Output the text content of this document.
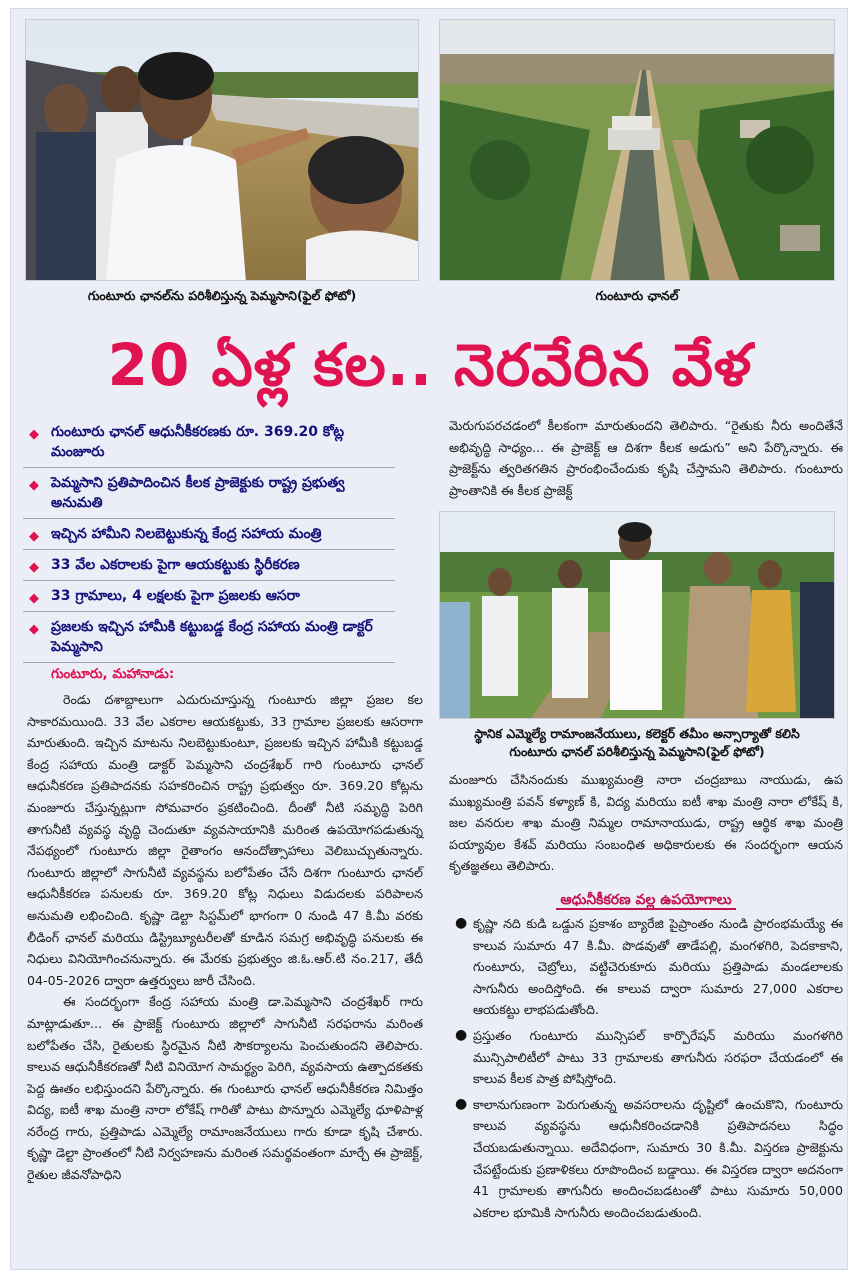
గుంటూరు ఛానల్‌ను పరిశీలిస్తున్న పెమ్మసాని(ఫైల్ ఫోటో)	గుంటూరు ఛానల్
20 ఏళ్ల కల.. నెరవేరిన వేళ
◆ గుంటూరు ఛానల్ ఆధునీకీకరణకు రూ. 369.20 కోట్ల మంజూరు
◆ పెమ్మసాని ప్రతిపాదించిన కీలక ప్రాజెక్టుకు రాష్ట్ర ప్రభుత్వ అనుమతి
◆ ఇచ్చిన హామీని నిలబెట్టుకున్న కేంద్ర సహాయ మంత్రి
◆ 33 వేల ఎకరాలకు పైగా ఆయకట్టుకు స్థిరీకరణ
◆ 33 గ్రామాలు, 4 లక్షలకు పైగా ప్రజలకు ఆసరా
◆ ప్రజలకు ఇచ్చిన హామీకి కట్టుబడ్డ కేంద్ర సహాయ మంత్రి డాక్టర్ పెమ్మసాని
గుంటూరు, మహానాడు:

రెండు దశాబ్దాలుగా ఎదురుచూస్తున్న గుంటూరు జిల్లా ప్రజల కల సాకారమయింది. 33 వేల ఎకరాల ఆయకట్టుకు, 33 గ్రామాల ప్రజలకు ఆసరాగా మారుతుంది. ఇచ్చిన మాటను నిలబెట్టుకుంటూ, ప్రజలకు ఇచ్చిన హామీకి కట్టుబడ్డ కేంద్ర సహాయ మంత్రి డాక్టర్ పెమ్మసాని చంద్రశేఖర్ గారి గుంటూరు ఛానల్ ఆధునీకరణ ప్రతిపాదనకు సహకరించిన రాష్ట్ర ప్రభుత్వం రూ. 369.20 కోట్లను మంజూరు చేస్తున్నట్లుగా సోమవారం ప్రకటించింది. దీంతో నీటి సమృద్ధి పెరిగి తాగునీటి వ్యవస్థ వృద్ధి చెందుతూ వ్యవసాయానికి మరింత ఉపయోగపడుతున్న నేపథ్యంలో గుంటూరు జిల్లా రైతాంగం ఆనందోత్సాహాలు వెలిబుచ్చుతున్నారు. గుంటూరు జిల్లాలో సాగునీటి వ్యవస్థను బలోపేతం చేసే దిశగా గుంటూరు ఛానల్ ఆధునీకీకరణ పనులకు రూ. 369.20 కోట్ల నిధులు విడుదలకు పరిపాలన అనుమతి లభించింది. కృష్ణా డెల్టా సిస్టమ్‌లో భాగంగా 0 నుండి 47 కి.మీ వరకు లీడింగ్ ఛానల్ మరియు డిస్ట్రిబ్యూటరీలతో కూడిన సమగ్ర అభివృద్ధి పనులకు ఈ నిధులు వినియోగించనున్నారు. ఈ మేరకు ప్రభుత్వం జి.ఓ.ఆర్.టి నం.217, తేదీ 04-05-2026 ద్వారా ఉత్తర్వులు జారీ చేసింది.

ఈ సందర్భంగా కేంద్ర సహాయ మంత్రి డా.పెమ్మసాని చంద్రశేఖర్ గారు మాట్లాడుతూ... ఈ ప్రాజెక్ట్ గుంటూరు జిల్లాలో సాగునీటి సరఫరాను మరింత బలోపేతం చేసి, రైతులకు స్థిరమైన నీటి సౌకర్యాలను పెంచుతుందని తెలిపారు. కాలువ ఆధునీకీకరణతో నీటి వినియోగ సామర్థ్యం పెరిగి, వ్యవసాయ ఉత్పాదకతకు పెద్ద ఊతం లభిస్తుందని పేర్కొన్నారు. ఈ గుంటూరు ఛానల్ ఆధునీకీకరణ నిమిత్తం విద్య, ఐటీ శాఖ మంత్రి నారా లోకేష్ గారితో పాటు పొన్నూరు ఎమ్మెల్యే ధూళిపాళ్ల నరేంద్ర గారు, ప్రత్తిపాడు ఎమ్మెల్యే రామాంజనేయులు గారు కూడా కృషి చేశారు. కృష్ణా డెల్టా ప్రాంతంలో నీటి నిర్వహణను మరింత సమర్థవంతంగా మార్చే ఈ ప్రాజెక్ట్, రైతుల జీవనోపాధిని

మెరుగుపరచడంలో కీలకంగా మారుతుందని తెలిపారు. “రైతుకు నీరు అందితేనే అభివృద్ధి సాధ్యం... ఈ ప్రాజెక్ట్ ఆ దిశగా కీలక అడుగు” అని పేర్కొన్నారు. ఈ ప్రాజెక్ట్‌ను త్వరితగతిన ప్రారంభించేందుకు కృషి చేస్తామని తెలిపారు. గుంటూరు ప్రాంతానికి ఈ కీలక ప్రాజెక్ట్

స్థానిక ఎమ్మెల్యే రామాంజనేయులు, కలెక్టర్ తమీం అన్సార్యాతో కలిసి
గుంటూరు ఛానల్ పరిశీలిస్తున్న పెమ్మసాని(ఫైల్ ఫోటో)

మంజూరు చేసినందుకు ముఖ్యమంత్రి నారా చంద్రబాబు నాయుడు, ఉప ముఖ్యమంత్రి పవన్ కళ్యాణ్ కి, విద్య మరియు ఐటీ శాఖ మంత్రి నారా లోకేష్ కి, జల వనరుల శాఖ మంత్రి నిమ్మల రామానాయుడు, రాష్ట్ర ఆర్థిక శాఖ మంత్రి పయ్యావుల కేశవ్ మరియు సంబంధిత అధికారులకు ఈ సందర్భంగా ఆయన కృతజ్ఞతలు తెలిపారు.

ఆధునీకీకరణ వల్ల ఉపయోగాలు
● కృష్ణా నది కుడి ఒడ్డున ప్రకాశం బ్యారేజి పైప్రాంతం నుండి ప్రారంభమయ్యే ఈ కాలువ సుమారు 47 కి.మీ. పొడవుతో తాడేపల్లి, మంగళగిరి, పెదకాకాని, గుంటూరు, చెబ్రోలు, వట్టిచెరుకూరు మరియు ప్రత్తిపాడు మండలాలకు సాగునీరు అందిస్తోంది. ఈ కాలువ ద్వారా సుమారు 27,000 ఎకరాల ఆయకట్టు లాభపడుతోంది.
● ప్రస్తుతం గుంటూరు మున్సిపల్ కార్పొరేషన్ మరియు మంగళగిరి మున్సిపాలిటీలో పాటు 33 గ్రామాలకు తాగునీరు సరఫరా చేయడంలో ఈ కాలువ కీలక పాత్ర పోషిస్తోంది.
● కాలానుగుణంగా పెరుగుతున్న అవసరాలను దృష్టిలో ఉంచుకొని, గుంటూరు కాలువ వ్యవస్థను ఆధునీకరించడానికి ప్రతిపాదనలు సిద్ధం చేయబడుతున్నాయి. అదేవిధంగా, సుమారు 30 కి.మీ. విస్తరణ ప్రాజెక్టును చేపట్టేందుకు ప్రణాళికలు రూపొందించ బడ్డాయి. ఈ విస్తరణ ద్వారా అదనంగా 41 గ్రామాలకు తాగునీరు అందించబడటంతో పాటు సుమారు 50,000 ఎకరాల భూమికి సాగునీరు అందించబడుతుంది.
